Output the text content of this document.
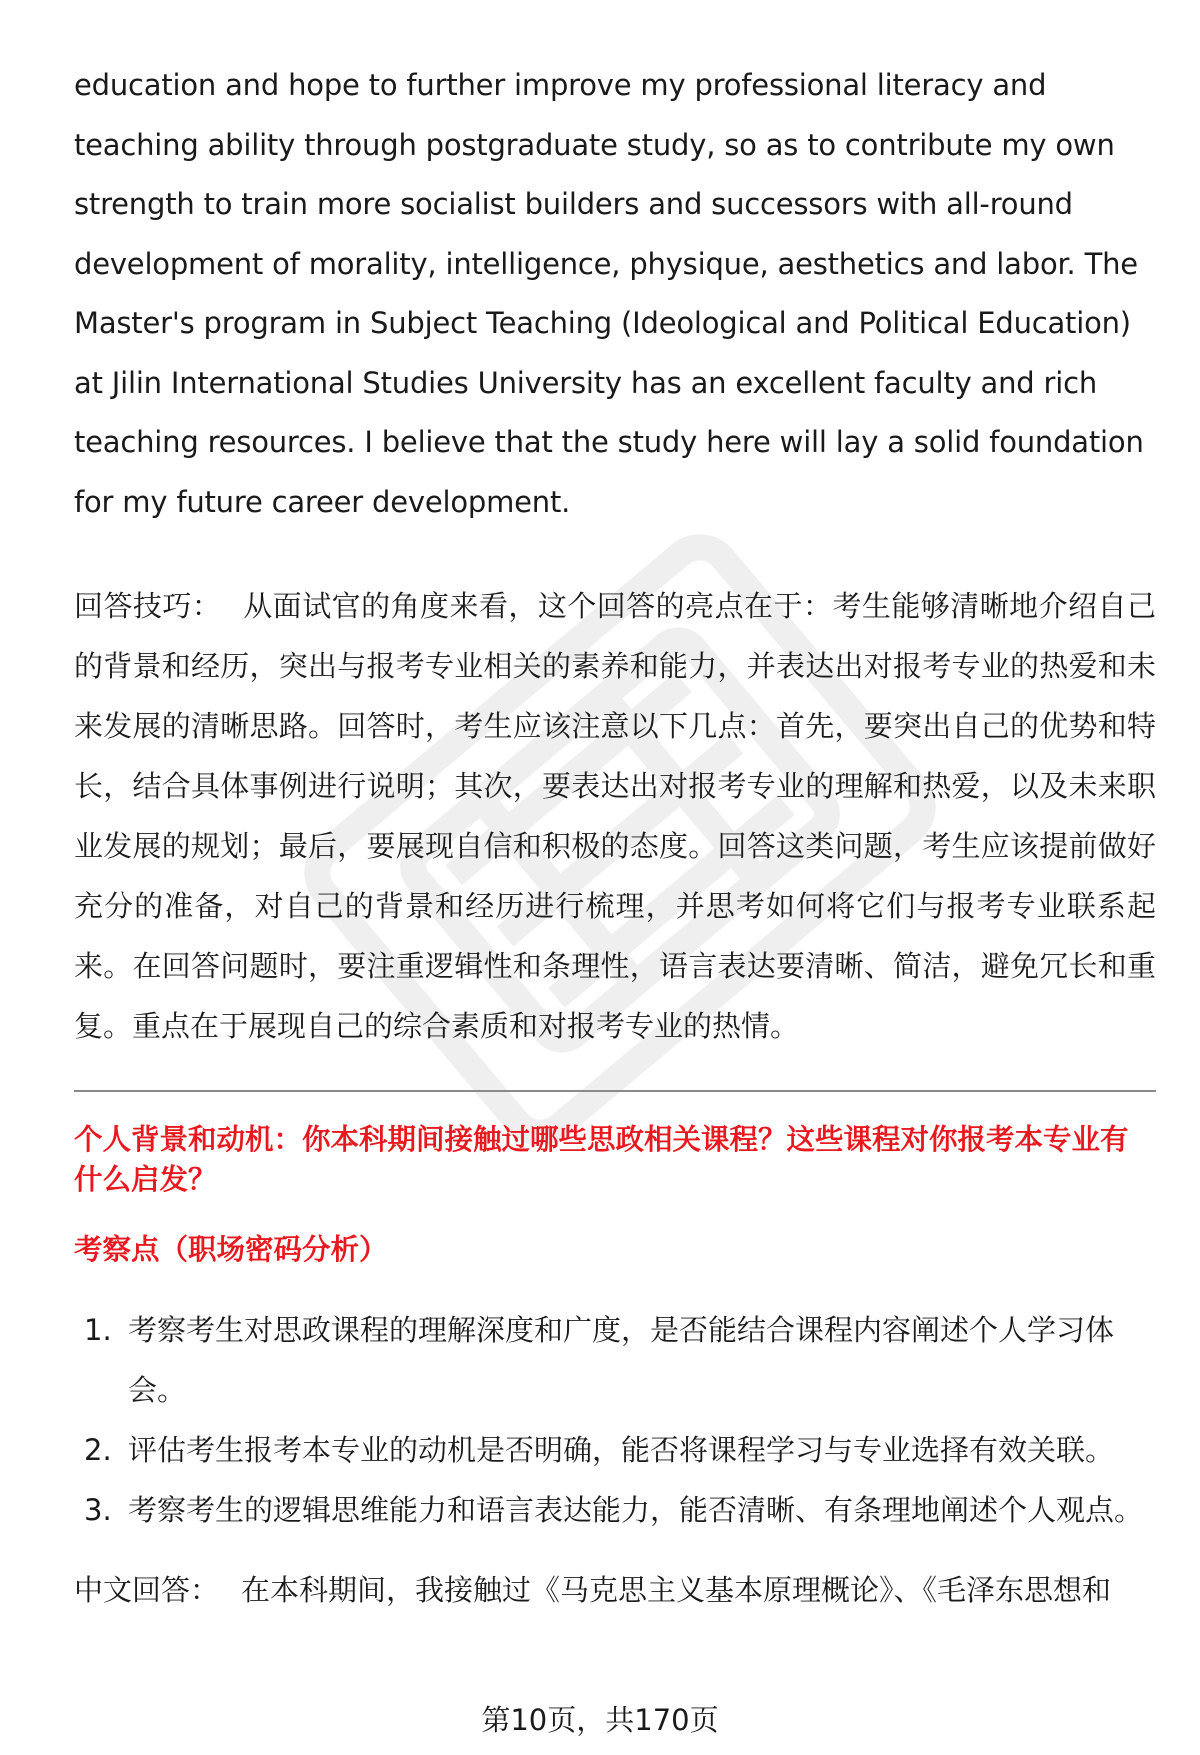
education and hope to further improve my professional literacy and teaching ability through postgraduate study, so as to contribute my own strength to train more socialist builders and successors with all-round development of morality, intelligence, physique, aesthetics and labor. The Master's program in Subject Teaching (Ideological and Political Education) at Jilin International Studies University has an excellent faculty and rich teaching resources. I believe that the study here will lay a solid foundation for my future career development.

回答技巧： 从面试官的角度来看，这个回答的亮点在于：考生能够清晰地介绍自己的背景和经历，突出与报考专业相关的素养和能力，并表达出对报考专业的热爱和未来发展的清晰思路。回答时，考生应该注意以下几点：首先，要突出自己的优势和特长，结合具体事例进行说明；其次，要表达出对报考专业的理解和热爱，以及未来职业发展的规划；最后，要展现自信和积极的态度。回答这类问题，考生应该提前做好充分的准备，对自己的背景和经历进行梳理，并思考如何将它们与报考专业联系起来。在回答问题时，要注重逻辑性和条理性，语言表达要清晰、简洁，避免冗长和重复。重点在于展现自己的综合素质和对报考专业的热情。

个人背景和动机：你本科期间接触过哪些思政相关课程？这些课程对你报考本专业有什么启发？

考察点（职场密码分析）

1. 考察考生对思政课程的理解深度和广度，是否能结合课程内容阐述个人学习体会。
2. 评估考生报考本专业的动机是否明确，能否将课程学习与专业选择有效关联。
3. 考察考生的逻辑思维能力和语言表达能力，能否清晰、有条理地阐述个人观点。

中文回答： 在本科期间，我接触过《马克思主义基本原理概论》、《毛泽东思想和

第10页，共170页
